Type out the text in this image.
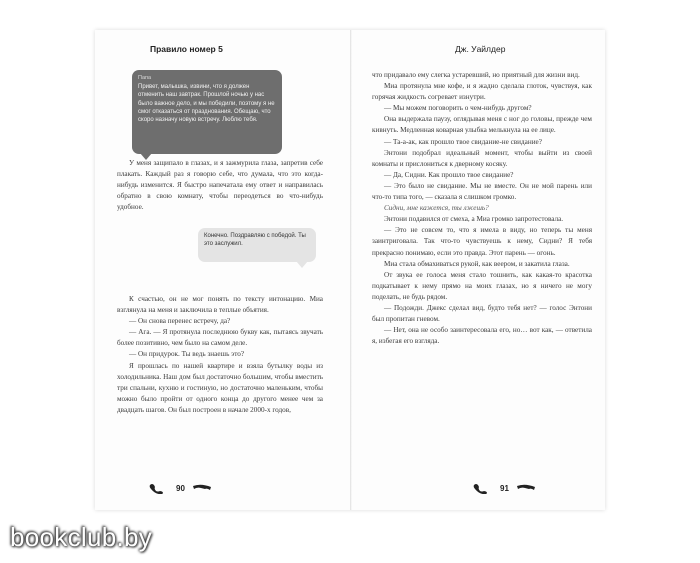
Правило номер 5	Дж. Уайлдер
Папа
Привет, малышка, извини, что я должен отменить наш завтрак. Прошлой ночью у нас было важное дело, и мы победили, поэтому я не смог отказаться от празднования. Обещаю, что скоро назначу новую встречу. Люблю тебя.

У меня защипало в глазах, и я зажмурила глаза, запретив себе плакать. Каждый раз я говорю себе, что думала, что это когда-нибудь изменится. Я быстро напечатала ему ответ и направилась обратно в свою комнату, чтобы переодеться во что-нибудь удобное.

Конечно. Поздравляю с победой. Ты это заслужил.

К счастью, он не мог понять по тексту интонацию. Миа взглянула на меня и заключила в теплые объятия.

— Он снова перенес встречу, да?

— Ага. — Я протянула последнюю букву как, пытаясь звучать более позитивно, чем было на самом деле.

— Он придурок. Ты ведь знаешь это?

Я прошлась по нашей квартире и взяла бутылку воды из холодильника. Наш дом был достаточно большим, чтобы вместить три спальни, кухню и гостиную, но достаточно маленьким, чтобы можно было пройти от одного конца до другого менее чем за двадцать шагов. Он был построен в начале 2000-х годов,

что придавало ему слегка устаревший, но приятный для жизни вид.

Миа протянула мне кофе, и я жадно сделала глоток, чувствуя, как горячая жидкость согревает изнутри.

— Мы можем поговорить о чем-нибудь другом?

Она выдержала паузу, оглядывая меня с ног до головы, прежде чем кивнуть. Медленная коварная улыбка мелькнула на ее лице.

— Та-а-ак, как прошло твое свидание-не свидание?

Энтони подобрал идеальный момент, чтобы выйти из своей комнаты и прислониться к дверному косяку.

— Да, Сидни. Как прошло твое свидание?

— Это было не свидание. Мы не вместе. Он не мой парень или что-то типа того, — сказала я слишком громко.

Сидни, мне кажется, ты лжешь?

Энтони подавился от смеха, а Миа громко запротестовала.

— Это не совсем то, что я имела в виду, но теперь ты меня заинтриговала. Так что-то чувствуешь к нему, Сидни? Я тебя прекрасно понимаю, если это правда. Этот парень — огонь.

Миа стала обмахиваться рукой, как веером, и закатила глаза.

От звука ее голоса меня стало тошнить, как какая-то красотка подкатывает к нему прямо на моих глазах, но я ничего не могу поделать, не будь рядом.

— Подожди. Джекс сделал вид, будто тебя нет? — голос Энтони был пропитан гневом.

— Нет, она не особо заинтересовала его, но… вот как, — ответила я, избегая его взгляда.

90	91
bookclub.by
